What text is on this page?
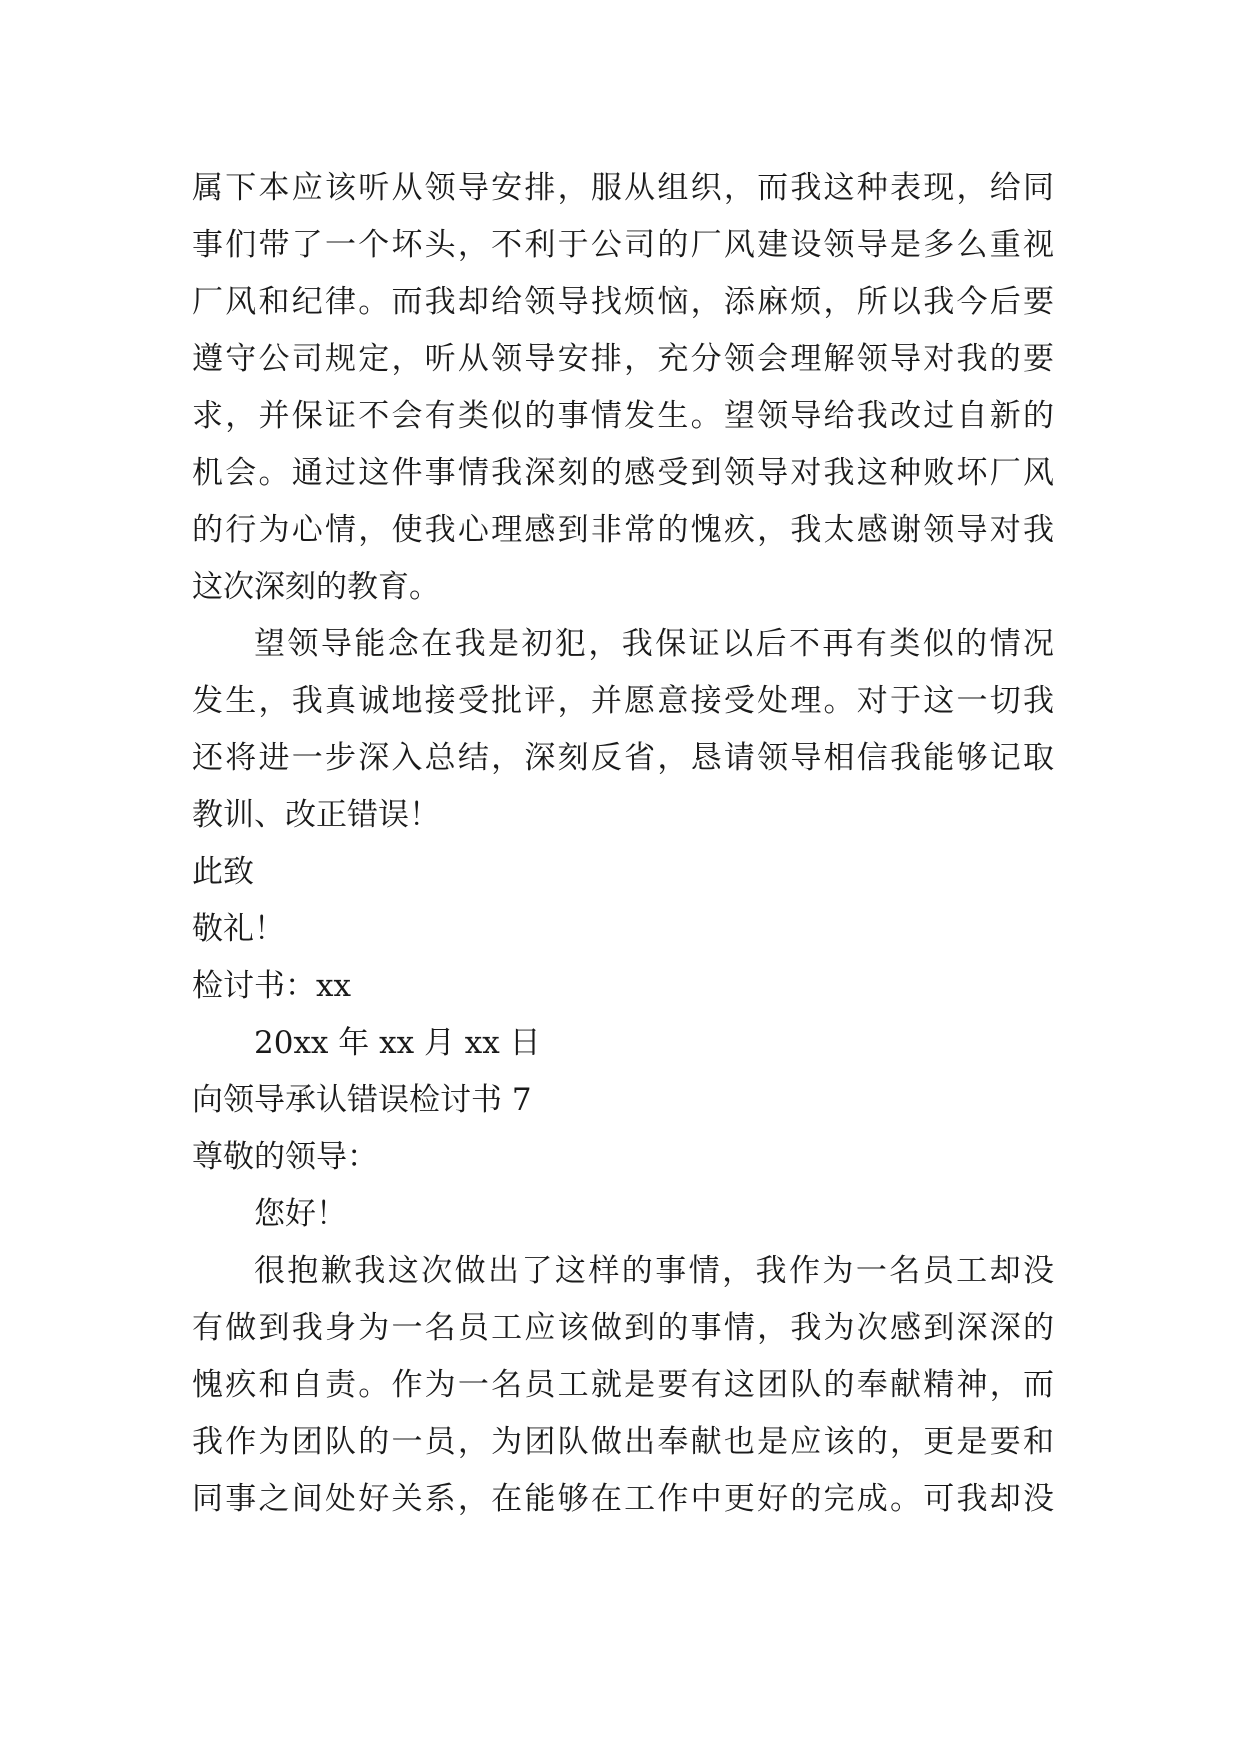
属下本应该听从领导安排，服从组织，而我这种表现，给同
事们带了一个坏头，不利于公司的厂风建设领导是多么重视
厂风和纪律。而我却给领导找烦恼，添麻烦，所以我今后要
遵守公司规定，听从领导安排，充分领会理解领导对我的要
求，并保证不会有类似的事情发生。望领导给我改过自新的
机会。通过这件事情我深刻的感受到领导对我这种败坏厂风
的行为心情，使我心理感到非常的愧疚，我太感谢领导对我
这次深刻的教育。
望领导能念在我是初犯，我保证以后不再有类似的情况
发生，我真诚地接受批评，并愿意接受处理。对于这一切我
还将进一步深入总结，深刻反省，恳请领导相信我能够记取
教训、改正错误！
此致
敬礼！
检讨书：xx
20xx 年 xx 月 xx 日
向领导承认错误检讨书 7
尊敬的领导：
您好！
很抱歉我这次做出了这样的事情，我作为一名员工却没
有做到我身为一名员工应该做到的事情，我为次感到深深的
愧疚和自责。作为一名员工就是要有这团队的奉献精神，而
我作为团队的一员，为团队做出奉献也是应该的，更是要和
同事之间处好关系，在能够在工作中更好的完成。可我却没
